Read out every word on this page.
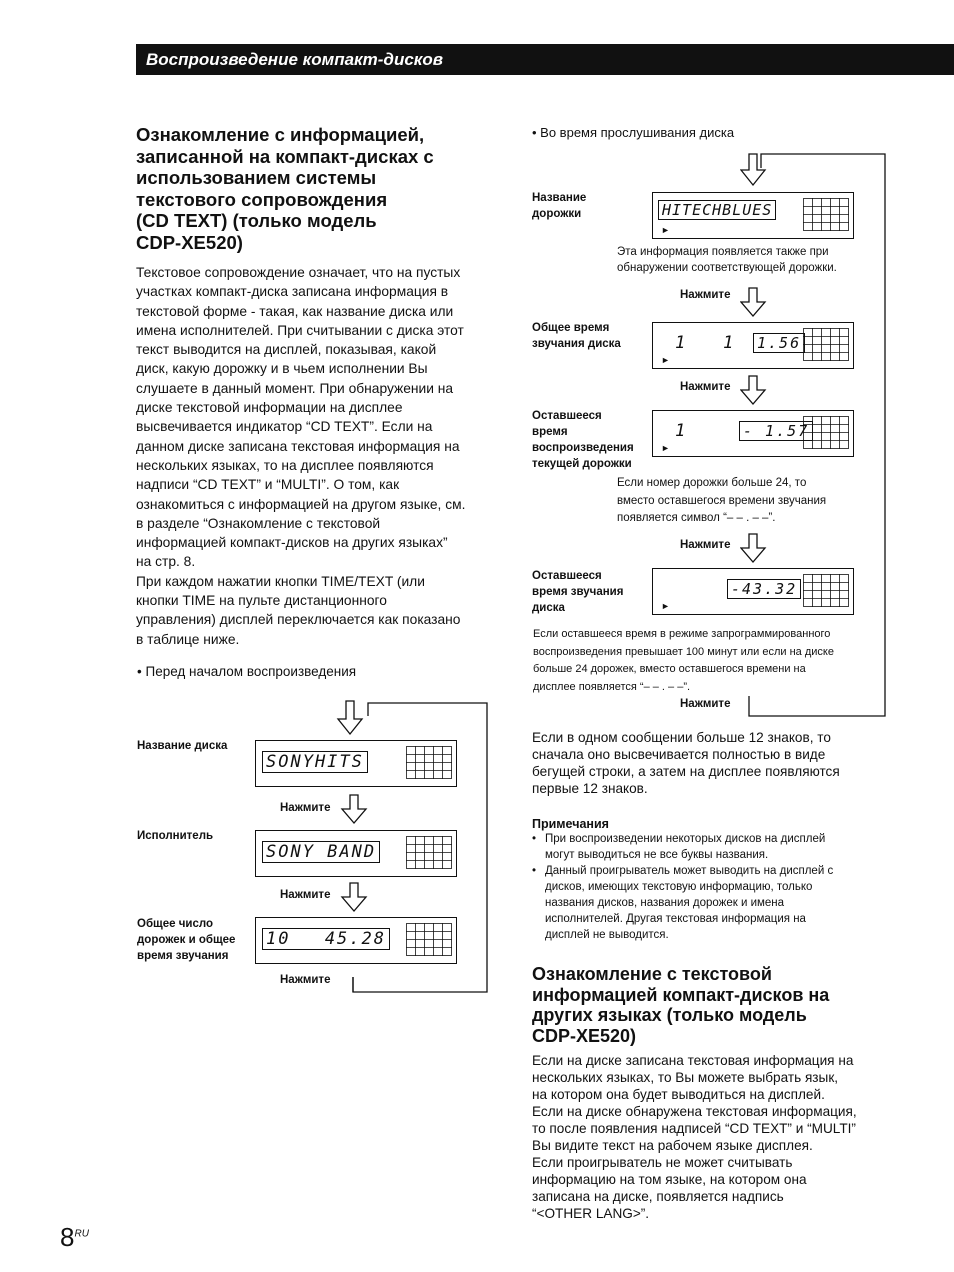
Воспроизведение компакт-дисков
Ознакомление с информацией,
записанной на компакт-дисках с
использованием системы
текстового сопровождения
(CD TEXT) (только модель
CDP-XE520)
Текстовое сопровождение означает, что на пустых
участках компакт-диска записана информация в
текстовой форме - такая, как название диска или
имена исполнителей. При считывании с диска этот
текст выводится на дисплей, показывая, какой
диск, какую дорожку и в чьем исполнении Вы
слушаете в данный момент. При обнаружении на
диске текстовой информации на дисплее
высвечивается индикатор “CD TEXT”. Если на
данном диске записана текстовая информация на
нескольких языках, то на дисплее появляются
надписи “CD TEXT” и “MULTI”. О том, как
ознакомиться с информацией на другом языке, см.
в разделе “Ознакомление с текстовой
информацией компакт-дисков на других языках”
на стр. 8.
При каждом нажатии кнопки TIME/TEXT (или
кнопки TIME на пульте дистанционного
управления) дисплей переключается как показано
в таблице ниже.
• Перед началом воспроизведения
Название диска
SONYHITS
Нажмите
Исполнитель
SONY BAND
Нажмите
Общее число
дорожек и общее
время звучания
10 45.28
Нажмите
• Во время прослушивания диска
Название
дорожки	HITECHBLUES
►
Эта информация появляется также при
обнаружении соответствующей дорожки.
Нажмите
Общее время
звучания диска	1 1 1.56
►
Нажмите
Оставшееся
время
воспроизведения
текущей дорожки
1	- 1.57
►
Если номер дорожки больше 24, то
вместо оставшегося времени звучания
появляется символ “– – . – –”.
Нажмите
Оставшееся
время звучания
диска
-43.32
►
Если оставшееся время в режиме запрограммированного
воспроизведения превышает 100 минут или если на диске
больше 24 дорожек, вместо оставшегося времени на
дисплее появляется “– – . – –”.
Нажмите
Если в одном сообщении больше 12 знаков, то
сначала оно высвечивается полностью в виде
бегущей строки, а затем на дисплее появляются
первые 12 знаков.
Примечания
• При воспроизведении некоторых дисков на дисплей
могут выводиться не все буквы названия.
• Данный проигрыватель может выводить на дисплей с
дисков, имеющих текстовую информацию, только
названия дисков, названия дорожек и имена
исполнителей. Другая текстовая информация на
дисплей не выводится.
Ознакомление с текстовой
информацией компакт-дисков на
других языках (только модель
CDP-XE520)
Если на диске записана текстовая информация на
нескольких языках, то Вы можете выбрать язык,
на котором она будет выводиться на дисплей.
Если на диске обнаружена текстовая информация,
то после появления надписей “CD TEXT” и “MULTI”
Вы видите текст на рабочем языке дисплея.
Если проигрыватель не может считывать
информацию на том языке, на котором она
записана на диске, появляется надпись
“<OTHER LANG>”.
$8^{RU}$
